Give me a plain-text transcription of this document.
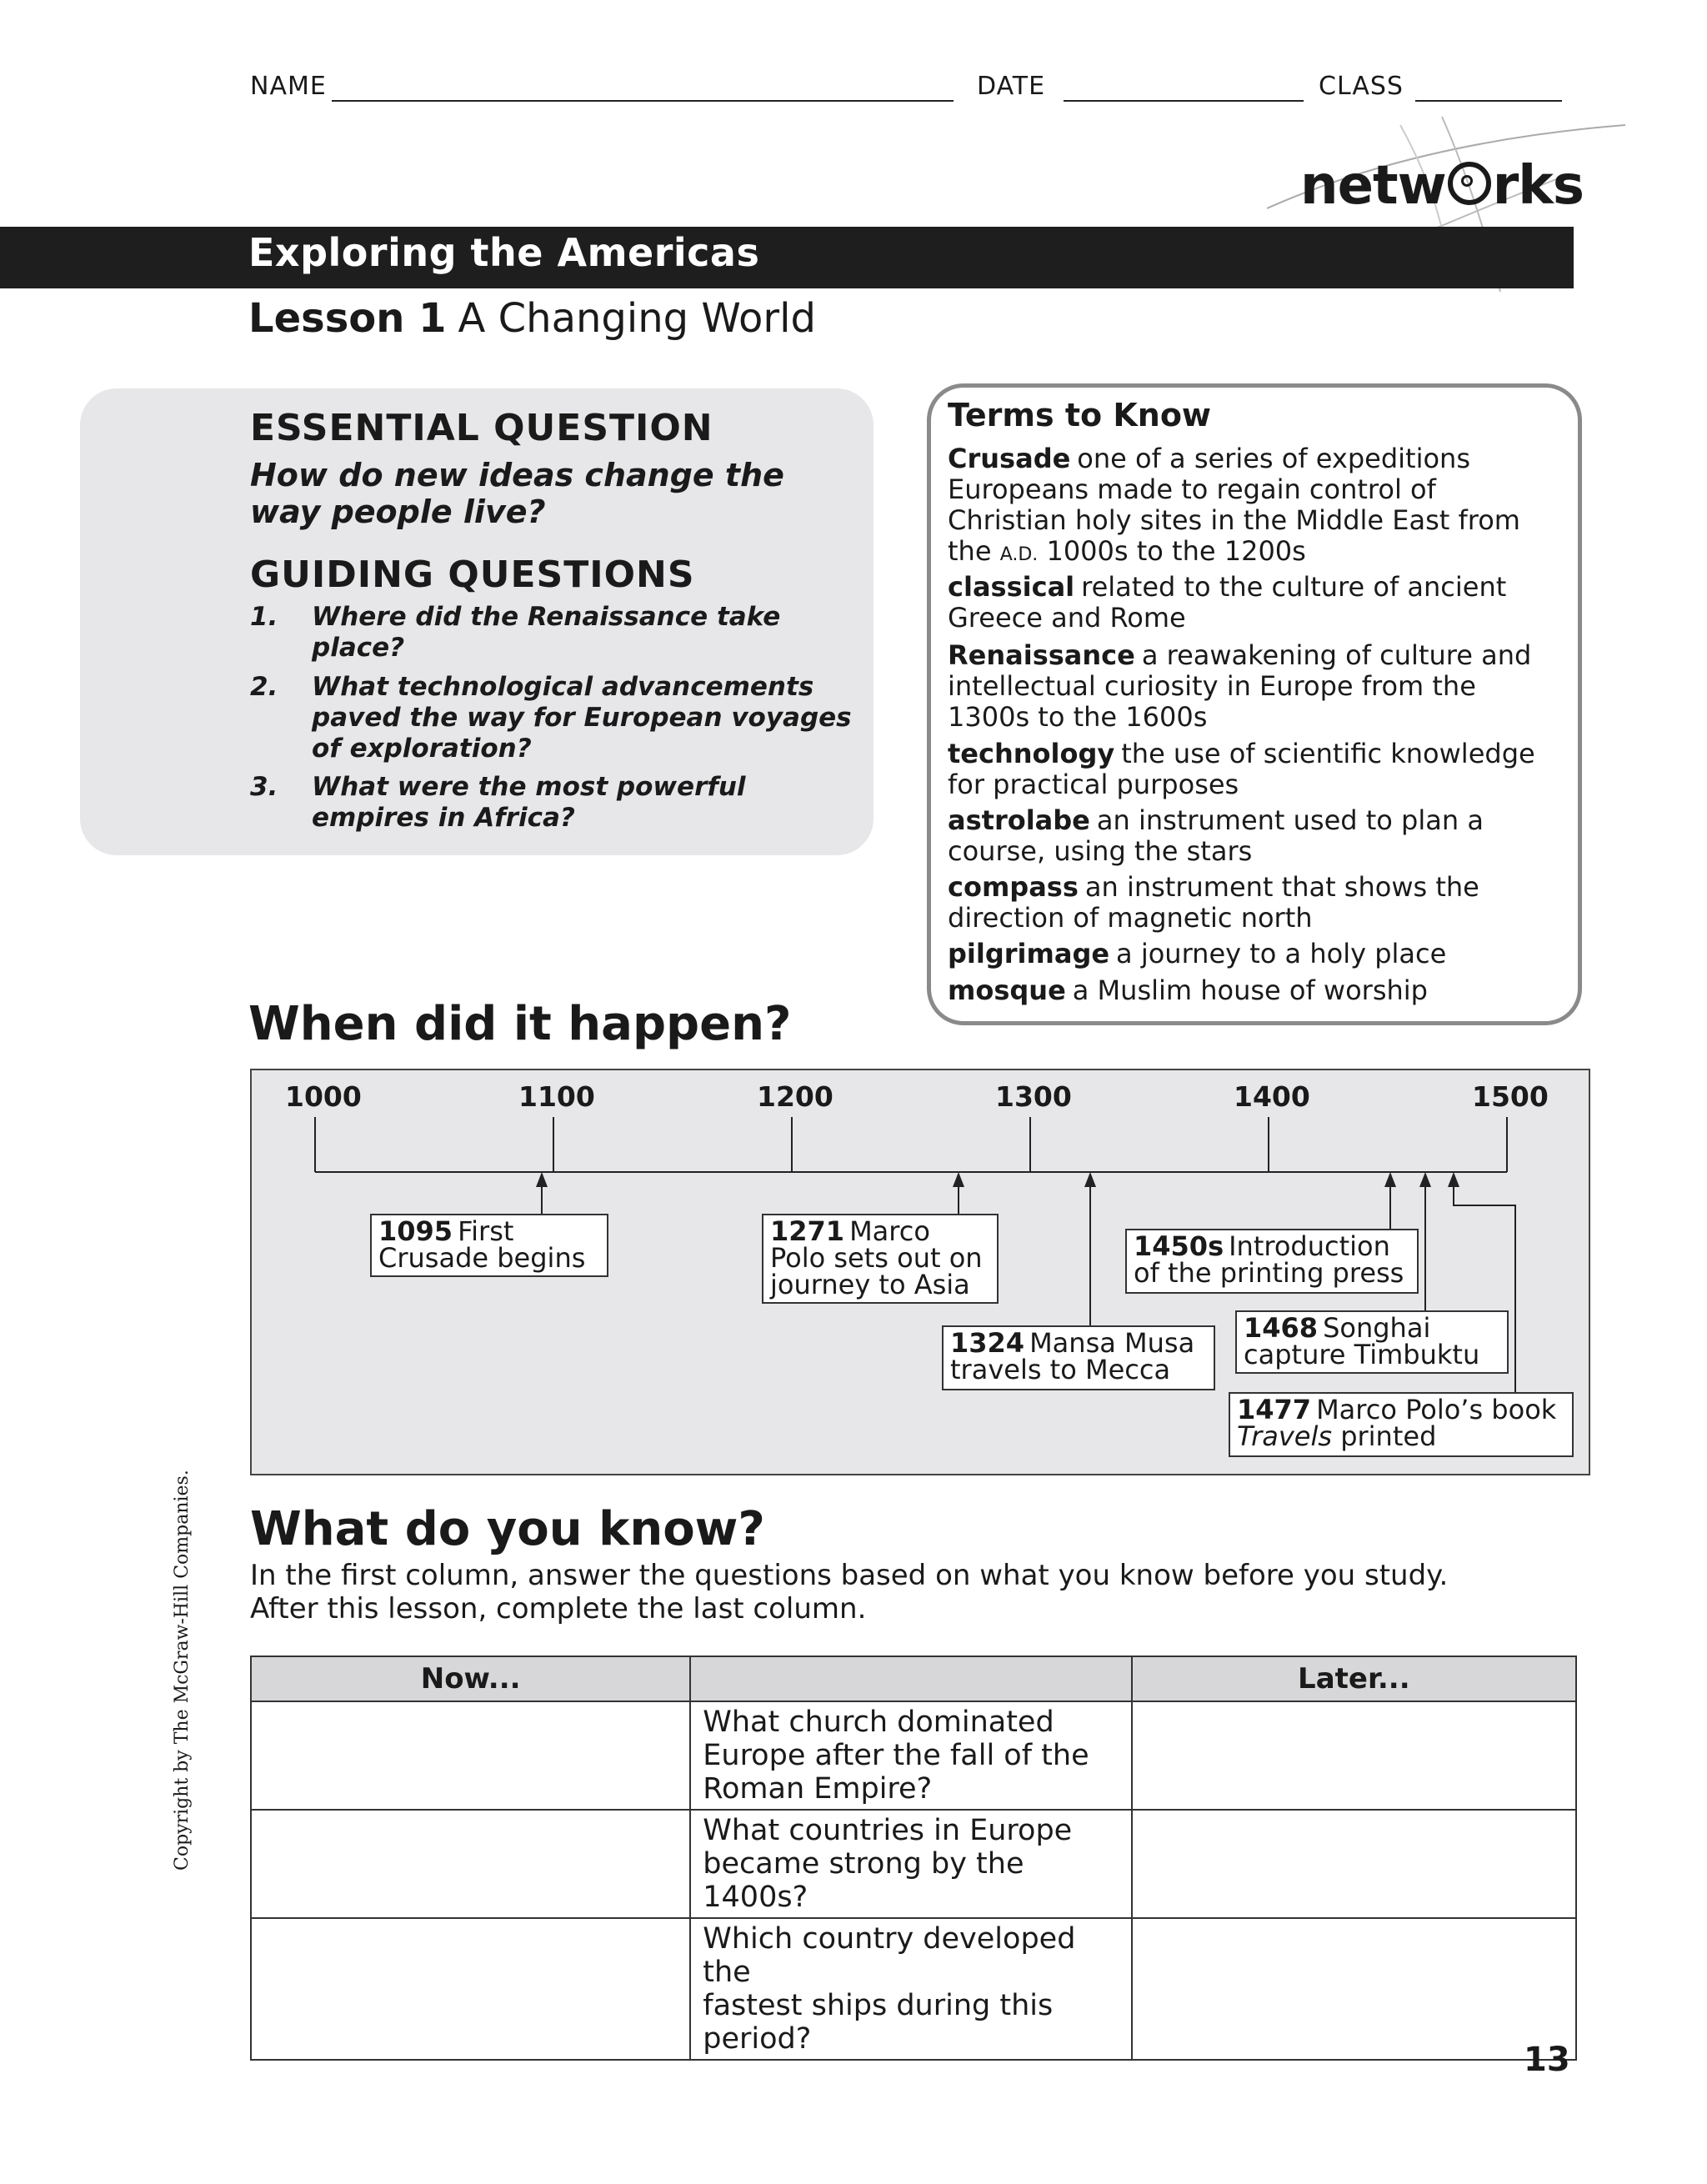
NAME	DATE	CLASS
netw rks
Exploring the Americas
Lesson 1 A Changing World
ESSENTIAL QUESTION
How do new ideas change the
way people live?
GUIDING QUESTIONS
1. Where did the Renaissance take
place?
2. What technological advancements
paved the way for European voyages
of exploration?
3. What were the most powerful
empires in Africa?
Terms to Know
Crusade one of a series of expeditions
Europeans made to regain control of
Christian holy sites in the Middle East from
the A.D. 1000s to the 1200s
classical related to the culture of ancient
Greece and Rome
Renaissance a reawakening of culture and
intellectual curiosity in Europe from the
1300s to the 1600s
technology the use of scientific knowledge
for practical purposes
astrolabe an instrument used to plan a
course, using the stars
compass an instrument that shows the
direction of magnetic north
pilgrimage a journey to a holy place
mosque a Muslim house of worship
When did it happen?
1000	1100	1200	1300	1400	1500
1095 First
Crusade begins
1271 Marco
Polo sets out on
journey to Asia
1324 Mansa Musa
travels to Mecca
1450s Introduction
of the printing press
1468 Songhai
capture Timbuktu
1477 Marco Polo’s book
Travels printed
What do you know?
In the first column, answer the questions based on what you know before you study.
After this lesson, complete the last column.
Now...		Later...

	What church dominated
Europe after the fall of the
Roman Empire?	

	What countries in Europe
became strong by the
1400s?	

	Which country developed the
fastest ships during this
period?	

Copyright by The McGraw-Hill Companies.
13
